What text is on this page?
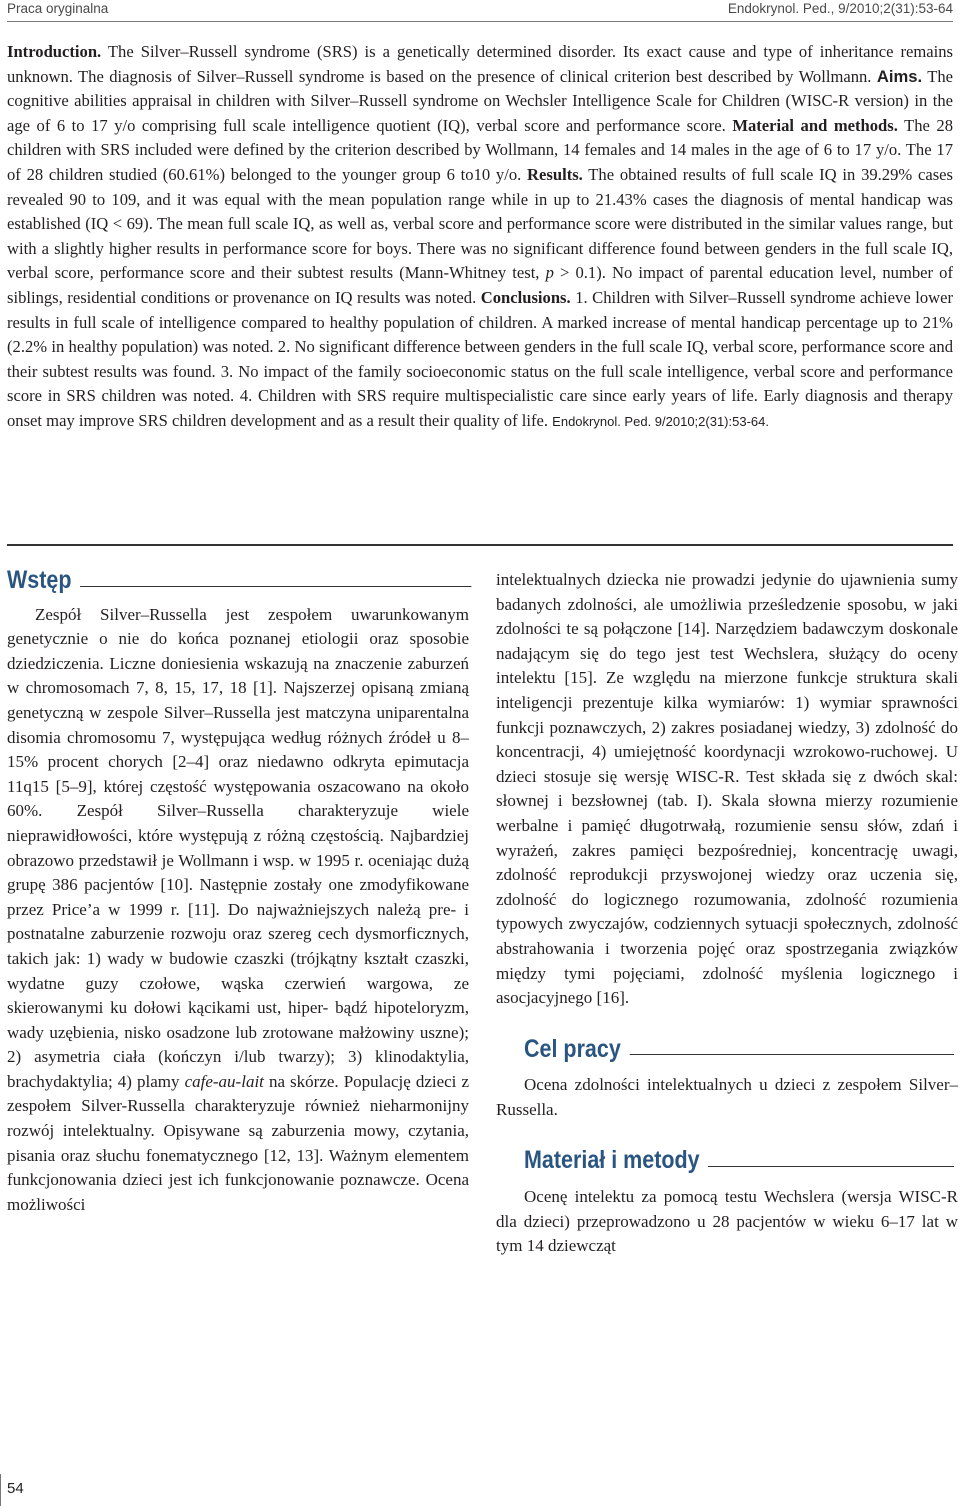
Praca oryginalna	Endokrynol. Ped., 9/2010;2(31):53-64
Introduction. The Silver–Russell syndrome (SRS) is a genetically determined disorder. Its exact cause and type of inheritance remains unknown. The diagnosis of Silver–Russell syndrome is based on the presence of clinical criterion best described by Wollmann. Aims. The cognitive abilities appraisal in children with Silver–Russell syndrome on Wechsler Intelligence Scale for Children (WISC-R version) in the age of 6 to 17 y/o comprising full scale intelligence quotient (IQ), verbal score and performance score. Material and methods. The 28 children with SRS included were defined by the criterion described by Wollmann, 14 females and 14 males in the age of 6 to 17 y/o. The 17 of 28 children studied (60.61%) belonged to the younger group 6 to10 y/o. Results. The obtained results of full scale IQ in 39.29% cases revealed 90 to 109, and it was equal with the mean population range while in up to 21.43% cases the diagnosis of mental handicap was established (IQ < 69). The mean full scale IQ, as well as, verbal score and performance score were distributed in the similar values range, but with a slightly higher results in performance score for boys. There was no significant difference found between genders in the full scale IQ, verbal score, performance score and their subtest results (Mann-Whitney test, p > 0.1). No impact of parental education level, number of siblings, residential conditions or provenance on IQ results was noted. Conclusions. 1. Children with Silver–Russell syndrome achieve lower results in full scale of intelligence compared to healthy population of children. A marked increase of mental handicap percentage up to 21% (2.2% in healthy population) was noted. 2. No significant difference between genders in the full scale IQ, verbal score, performance score and their subtest results was found. 3. No impact of the family socioeconomic status on the full scale intelligence, verbal score and performance score in SRS children was noted. 4. Children with SRS require multispecialistic care since early years of life. Early diagnosis and therapy onset may improve SRS children development and as a result their quality of life. Endokrynol. Ped. 9/2010;2(31):53-64.
Wstęp

Zespół Silver–Russella jest zespołem uwarunkowanym genetycznie o nie do końca poznanej etiologii oraz sposobie dziedziczenia. Liczne doniesienia wskazują na znaczenie zaburzeń w chromosomach 7, 8, 15, 17, 18 [1]. Najszerzej opisaną zmianą genetyczną w zespole Silver–Russella jest matczyna uniparentalna disomia chromosomu 7, występująca według różnych źródeł u 8–15% procent chorych [2–4] oraz niedawno odkryta epimutacja 11q15 [5–9], której częstość występowania oszacowano na około 60%. Zespół Silver–Russella charakteryzuje wiele nieprawidłowości, które występują z różną częstością. Najbardziej obrazowo przedstawił je Wollmann i wsp. w 1995 r. oceniając dużą grupę 386 pacjentów [10]. Następnie zostały one zmodyfikowane przez Price’a w 1999 r. [11]. Do najważniejszych należą pre- i postnatalne zaburzenie rozwoju oraz szereg cech dysmorficznych, takich jak: 1) wady w budowie czaszki (trójkątny kształt czaszki, wydatne guzy czołowe, wąska czerwień wargowa, ze skierowanymi ku dołowi kącikami ust, hiper- bądź hipoteloryzm, wady uzębienia, nisko osadzone lub zrotowane małżowiny uszne); 2) asymetria ciała (kończyn i/lub twarzy); 3) klinodaktylia, brachydaktylia; 4) plamy cafe-au-lait na skórze. Populację dzieci z zespołem Silver-Russella charakteryzuje również nieharmonijny rozwój intelektualny. Opisywane są zaburzenia mowy, czytania, pisania oraz słuchu fonematycznego [12, 13]. Ważnym elementem funkcjonowania dzieci jest ich funkcjonowanie poznawcze. Ocena możliwości

intelektualnych dziecka nie prowadzi jedynie do ujawnienia sumy badanych zdolności, ale umożliwia prześledzenie sposobu, w jaki zdolności te są połączone [14]. Narzędziem badawczym doskonale nadającym się do tego jest test Wechslera, służący do oceny intelektu [15]. Ze względu na mierzone funkcje struktura skali inteligencji prezentuje kilka wymiarów: 1) wymiar sprawności funkcji poznawczych, 2) zakres posiadanej wiedzy, 3) zdolność do koncentracji, 4) umiejętność koordynacji wzrokowo-ruchowej. U dzieci stosuje się wersję WISC-R. Test składa się z dwóch skal: słownej i bezsłownej (tab. I). Skala słowna mierzy rozumienie werbalne i pamięć długotrwałą, rozumienie sensu słów, zdań i wyrażeń, zakres pamięci bezpośredniej, koncentrację uwagi, zdolność reprodukcji przyswojonej wiedzy oraz uczenia się, zdolność do logicznego rozumowania, zdolność rozumienia typowych zwyczajów, codziennych sytuacji społecznych, zdolność abstrahowania i tworzenia pojęć oraz spostrzegania związków między tymi pojęciami, zdolność myślenia logicznego i asocjacyjnego [16].

Cel pracy

Ocena zdolności intelektualnych u dzieci z zespołem Silver–Russella.

Materiał i metody

Ocenę intelektu za pomocą testu Wechslera (wersja WISC-R dla dzieci) przeprowadzono u 28 pacjentów w wieku 6–17 lat w tym 14 dziewcząt

54
